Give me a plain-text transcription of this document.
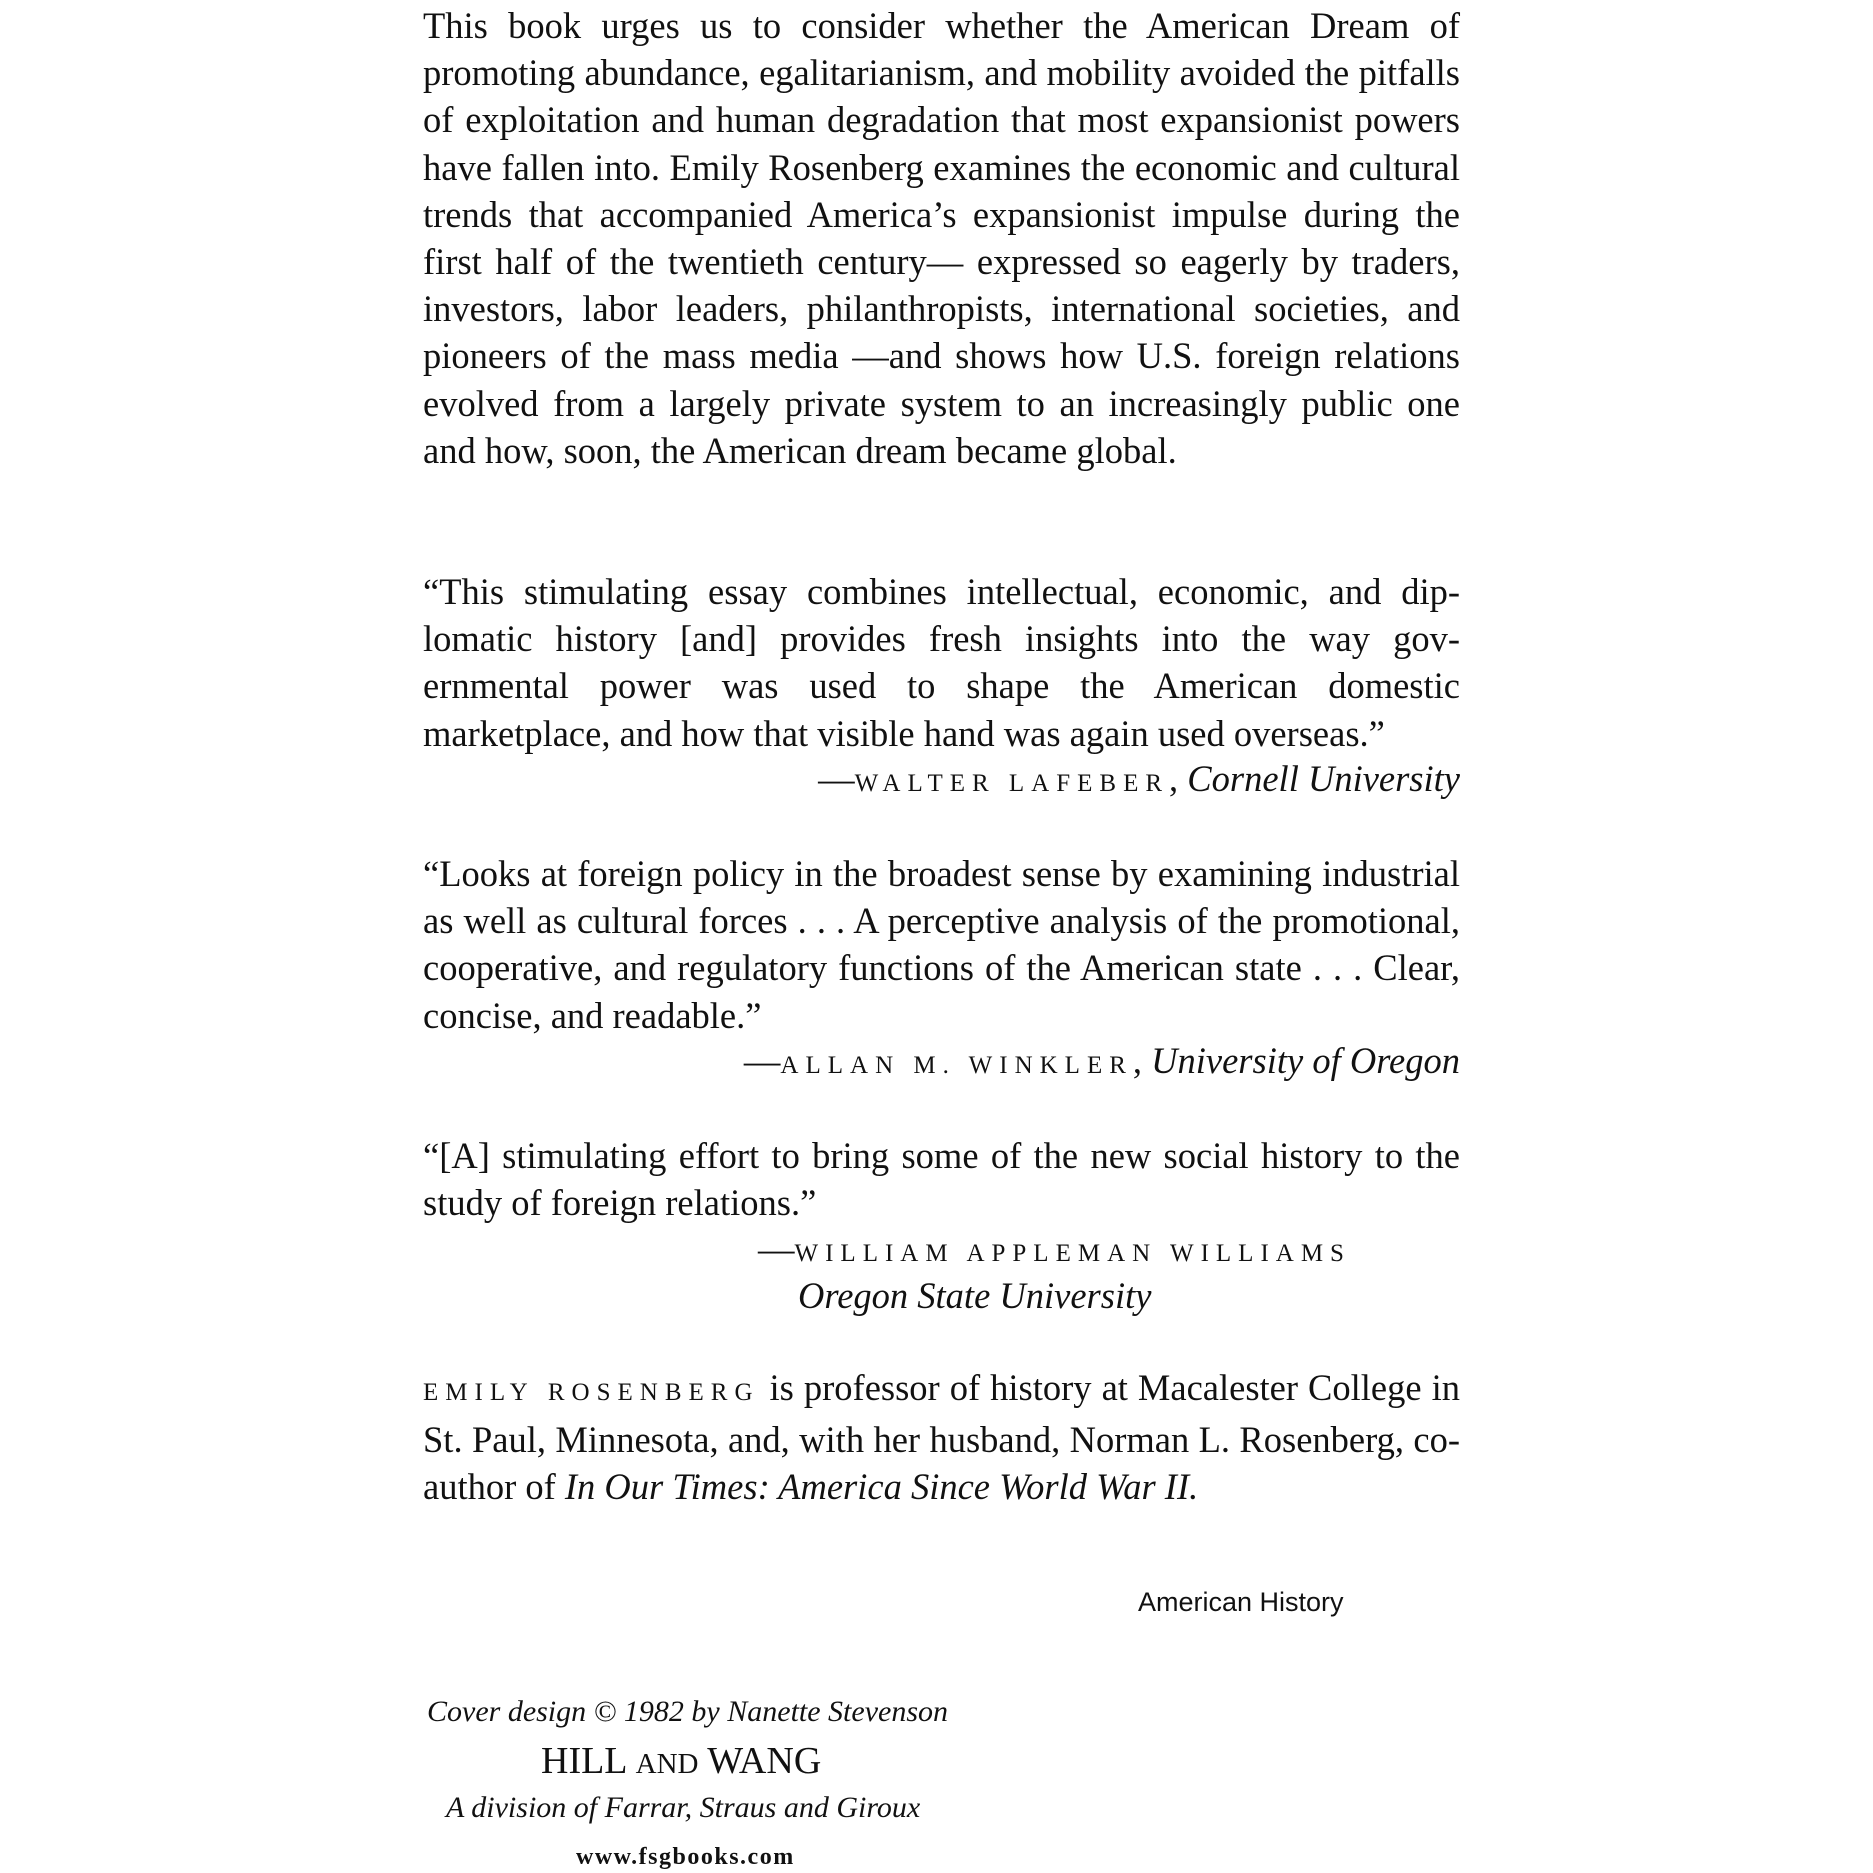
This book urges us to consider whether the American Dream of promoting abundance, egalitarianism, and mobility avoided the pitfalls of exploitation and human degradation that most expansionist powers have fallen into. Emily Rosenberg examines the economic and cultural trends that accompanied America’s expansionist impulse during the first half of the twentieth century— expressed so eagerly by traders, investors, labor leaders, philanthropists, international societies, and pioneers of the mass media —and shows how U.S. foreign relations evolved from a largely private system to an increasingly public one and how, soon, the American dream became global.

“This stimulating essay combines intellectual, economic, and diplomatic history [and] provides fresh insights into the way governmental power was used to shape the American domestic marketplace, and how that visible hand was again used overseas.”

—WALTER LAFEBER, Cornell University

“Looks at foreign policy in the broadest sense by examining industrial as well as cultural forces . . . A perceptive analysis of the promotional, cooperative, and regulatory functions of the American state . . . Clear, concise, and readable.”

—ALLAN M. WINKLER, University of Oregon

“[A] stimulating effort to bring some of the new social history to the study of foreign relations.”

—WILLIAM APPLEMAN WILLIAMS
Oregon State University

EMILY ROSENBERG is professor of history at Macalester College in St. Paul, Minnesota, and, with her husband, Norman L. Rosenberg, co-author of In Our Times: America Since World War II.

American History
Cover design © 1982 by Nanette Stevenson
HILL AND WANG
A division of Farrar, Straus and Giroux
www.fsgbooks.com
